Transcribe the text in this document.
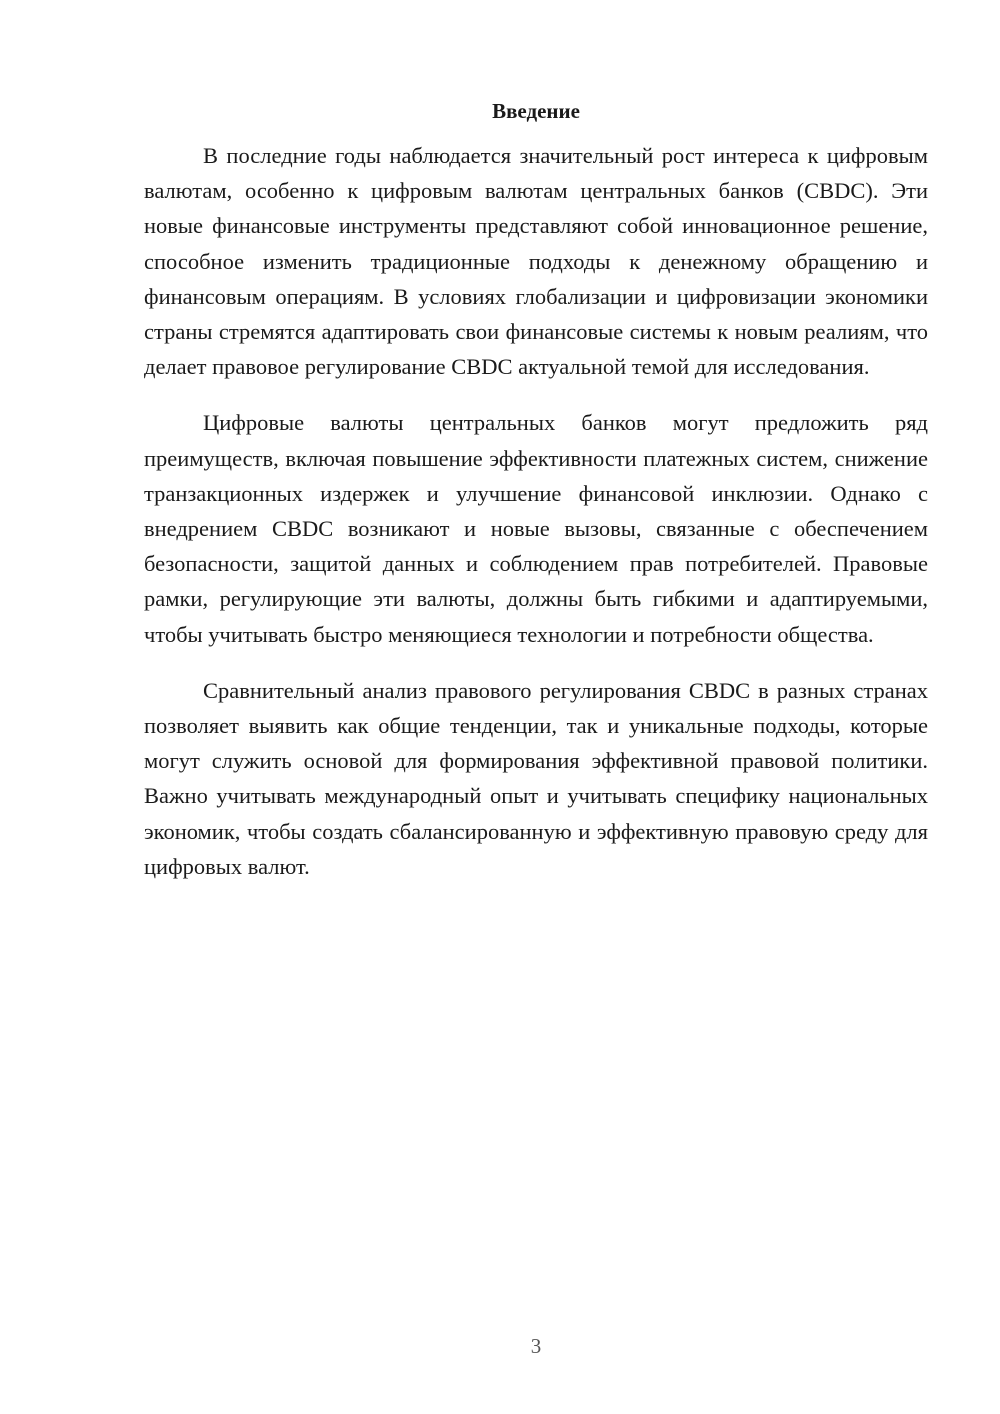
Введение

В последние годы наблюдается значительный рост интереса к цифровым валютам, особенно к цифровым валютам центральных банков (CBDC). Эти новые финансовые инструменты представляют собой инновационное решение, способное изменить традиционные подходы к денежному обращению и финансовым операциям. В условиях глобализации и цифровизации экономики страны стремятся адаптировать свои финансовые системы к новым реалиям, что делает правовое регулирование CBDC актуальной темой для исследования.

Цифровые валюты центральных банков могут предложить ряд преимуществ, включая повышение эффективности платежных систем, снижение транзакционных издержек и улучшение финансовой инклюзии. Однако с внедрением CBDC возникают и новые вызовы, связанные с обеспечением безопасности, защитой данных и соблюдением прав потребителей. Правовые рамки, регулирующие эти валюты, должны быть гибкими и адаптируемыми, чтобы учитывать быстро меняющиеся технологии и потребности общества.

Сравнительный анализ правового регулирования CBDC в разных странах позволяет выявить как общие тенденции, так и уникальные подходы, которые могут служить основой для формирования эффективной правовой политики. Важно учитывать международный опыт и учитывать специфику национальных экономик, чтобы создать сбалансированную и эффективную правовую среду для цифровых валют.

3
